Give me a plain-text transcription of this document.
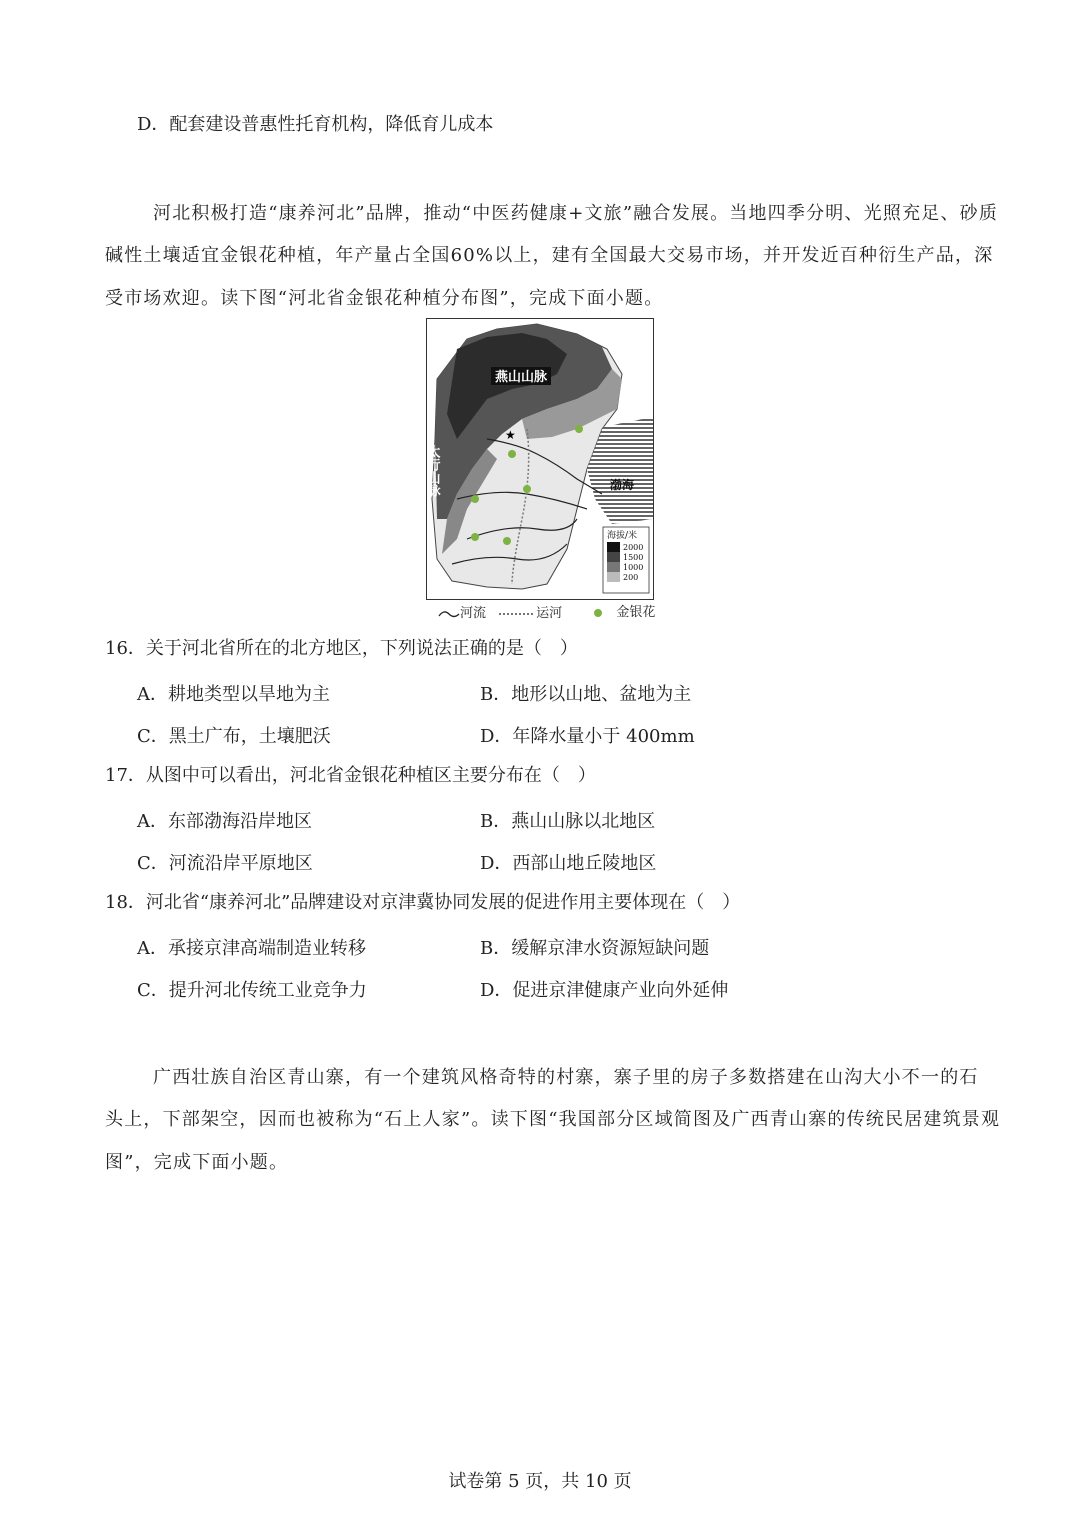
D．配套建设普惠性托育机构，降低育儿成本
河北积极打造“康养河北”品牌，推动“中医药健康+文旅”融合发展。当地四季分明、光照充足、砂质
碱性土壤适宜金银花种植，年产量占全国60%以上，建有全国最大交易市场，并开发近百种衍生产品，深
受市场欢迎。读下图“河北省金银花种植分布图”，完成下面小题。
★
燕山山脉
太行山脉	渤海
海拔/米
2000
1500
1000
200
河流
	运河
	金银花
16．关于河北省所在的北方地区，下列说法正确的是（　）
A．耕地类型以旱地为主	B．地形以山地、盆地为主
C．黑土广布，土壤肥沃	D．年降水量小于 400mm
17．从图中可以看出，河北省金银花种植区主要分布在（　）
A．东部渤海沿岸地区	B．燕山山脉以北地区
C．河流沿岸平原地区	D．西部山地丘陵地区
18．河北省“康养河北”品牌建设对京津冀协同发展的促进作用主要体现在（　）
A．承接京津高端制造业转移	B．缓解京津水资源短缺问题
C．提升河北传统工业竞争力	D．促进京津健康产业向外延伸
广西壮族自治区青山寨，有一个建筑风格奇特的村寨，寨子里的房子多数搭建在山沟大小不一的石
头上，下部架空，因而也被称为“石上人家”。读下图“我国部分区域简图及广西青山寨的传统民居建筑景观
图”，完成下面小题。
试卷第 5 页，共 10 页
